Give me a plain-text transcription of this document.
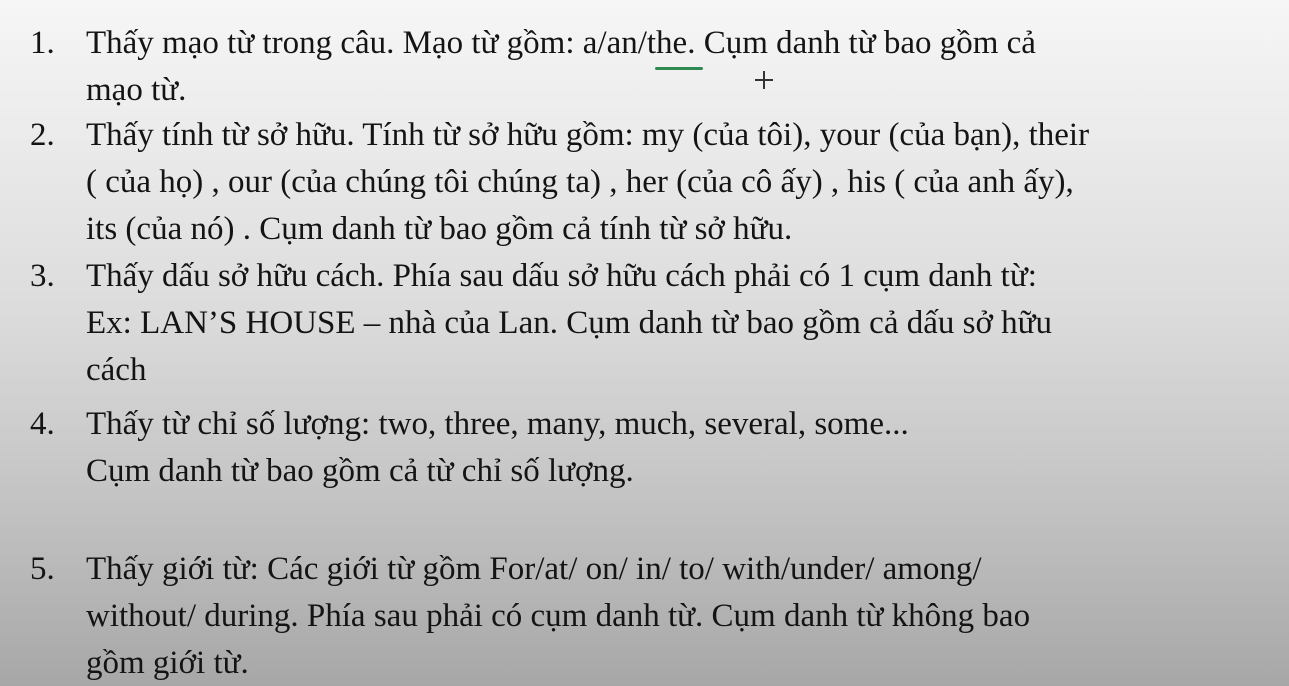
1. Thấy mạo từ trong câu. Mạo từ gồm: a/an/the. Cụm danh từ bao gồm cả
mạo từ.
2. Thấy tính từ sở hữu. Tính từ sở hữu gồm: my (của tôi), your (của bạn), their
( của họ) , our (của chúng tôi chúng ta) , her (của cô ấy) , his ( của anh ấy),
its (của nó) . Cụm danh từ bao gồm cả tính từ sở hữu.
3. Thấy dấu sở hữu cách. Phía sau dấu sở hữu cách phải có 1 cụm danh từ:
Ex: LAN’S HOUSE – nhà của Lan. Cụm danh từ bao gồm cả dấu sở hữu
cách
4. Thấy từ chỉ số lượng: two, three, many, much, several, some...
Cụm danh từ bao gồm cả từ chỉ số lượng.
5. Thấy giới từ: Các giới từ gồm For/at/ on/ in/ to/ with/under/ among/
without/ during. Phía sau phải có cụm danh từ. Cụm danh từ không bao
gồm giới từ.
